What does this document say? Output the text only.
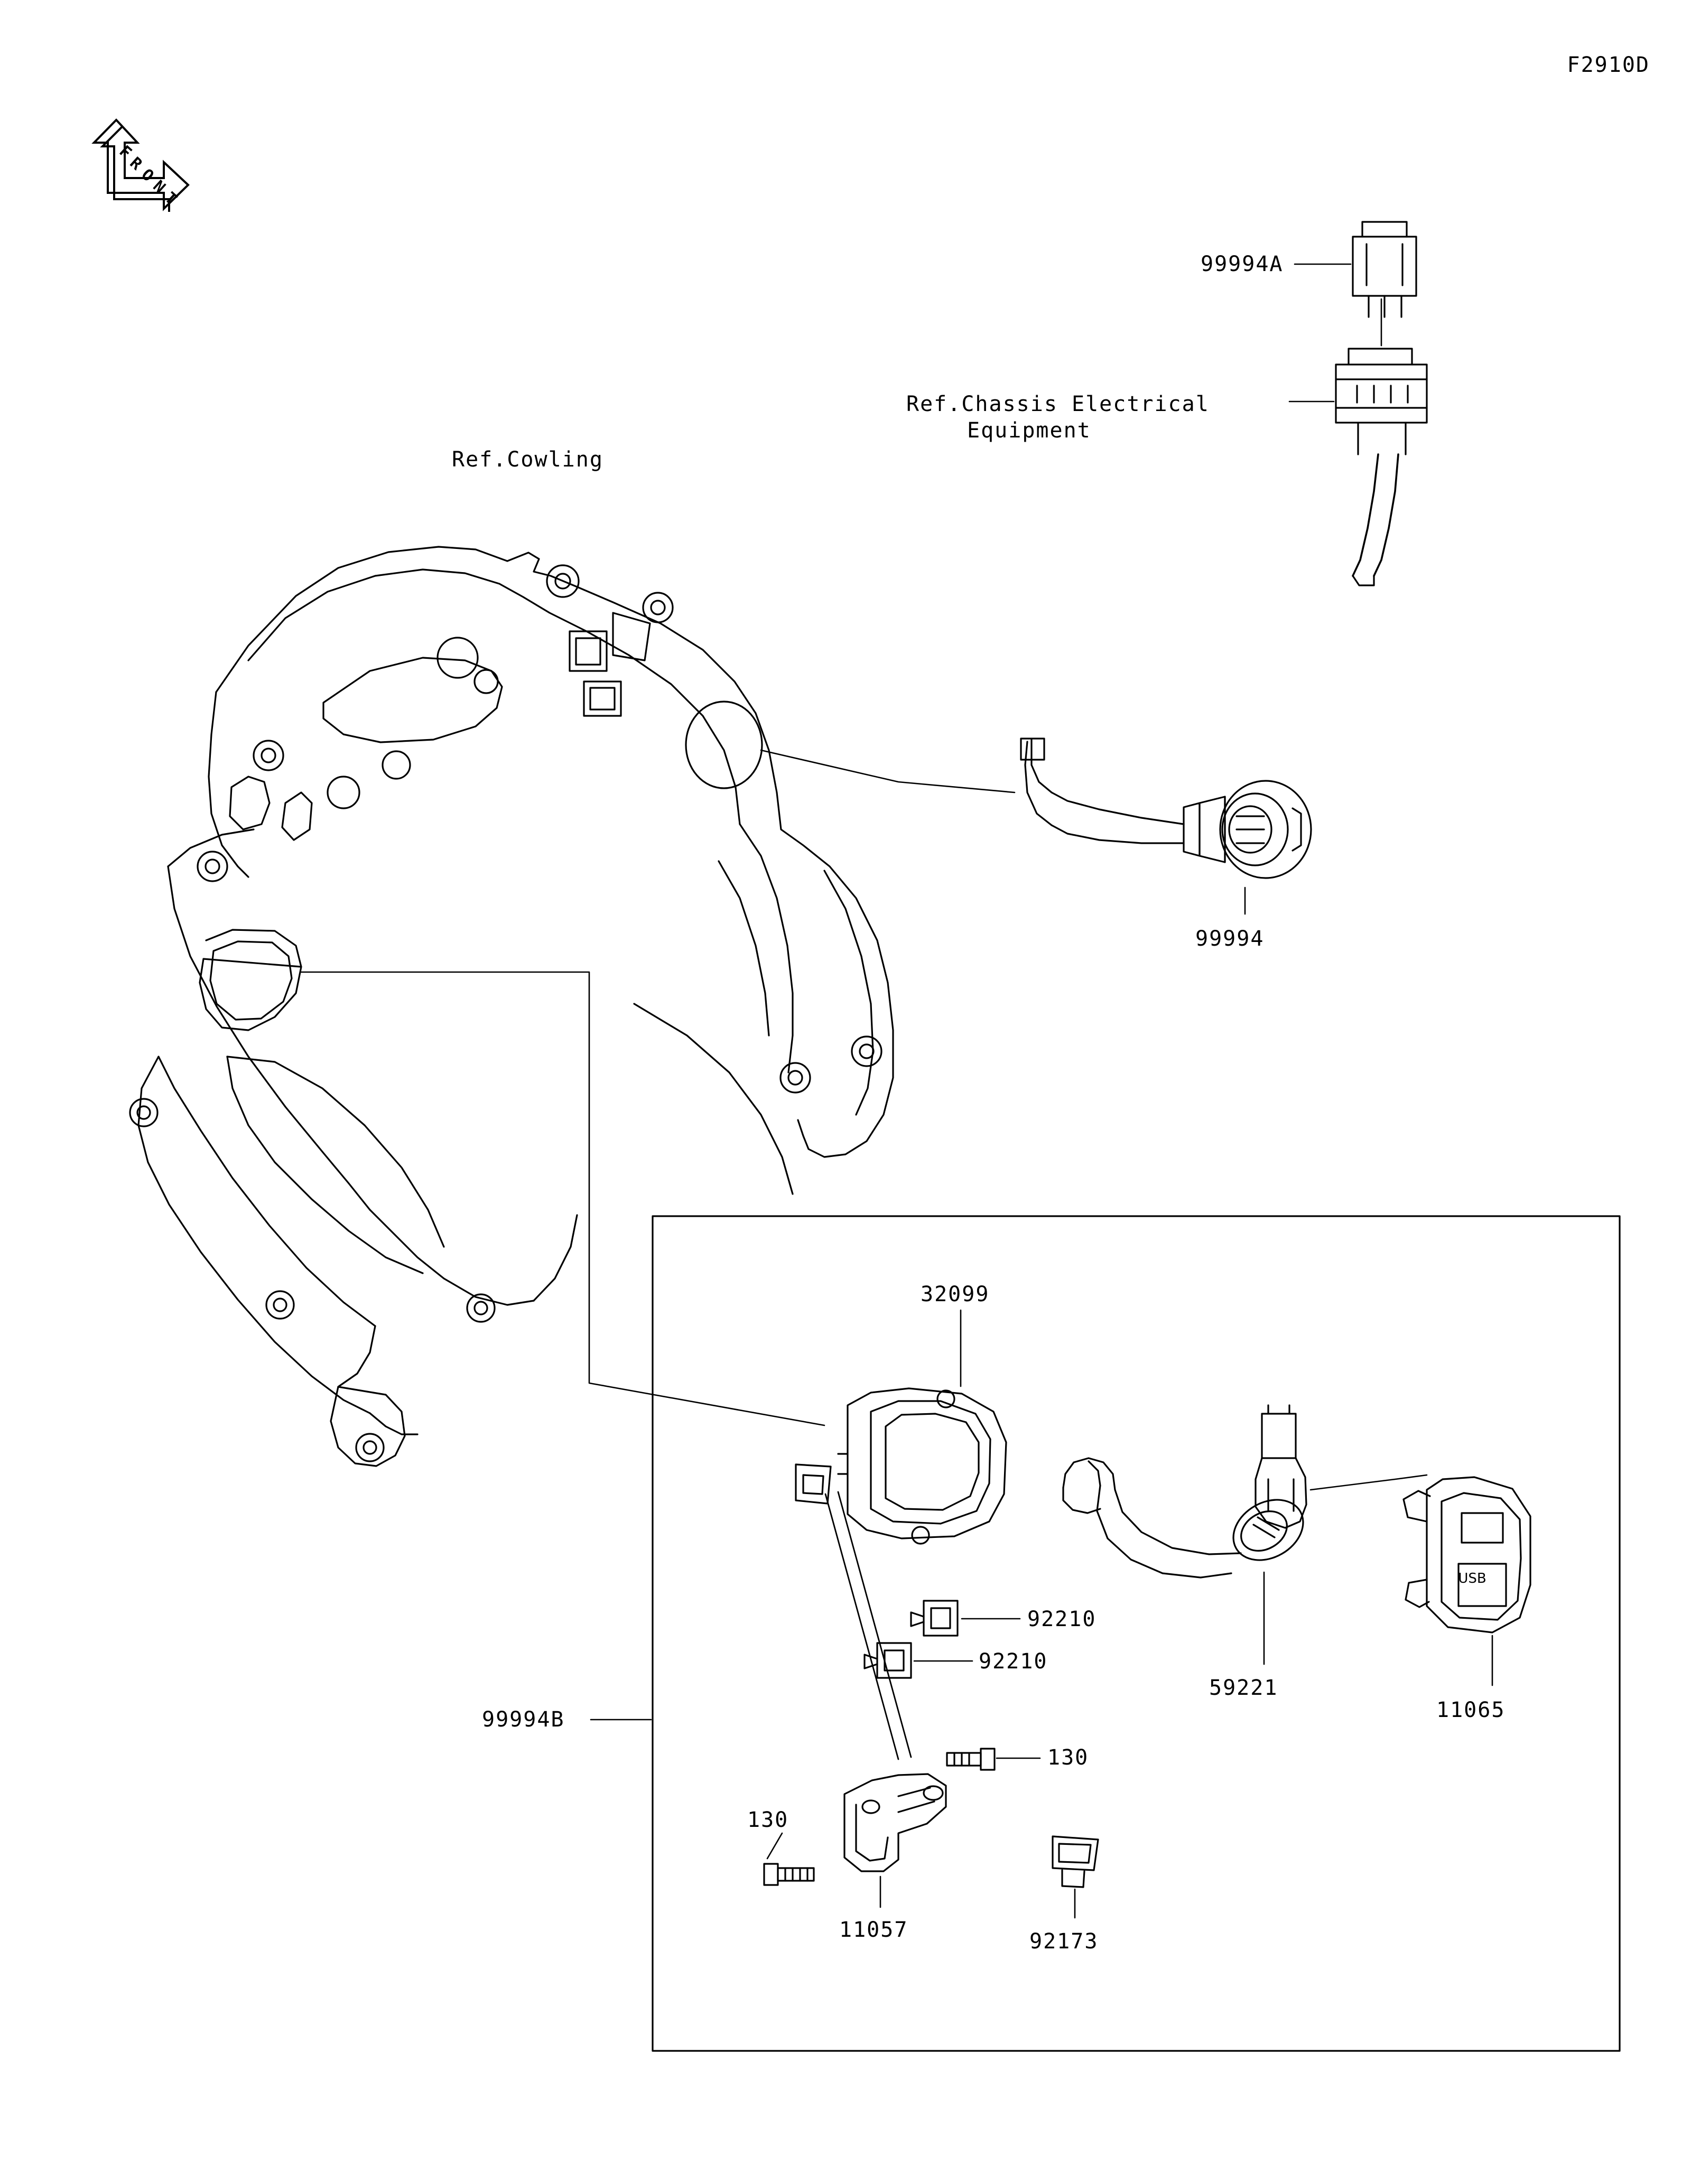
F2910D
F
R
O
N
T
USB
Ref.Cowling
Ref.Chassis Electrical
Equipment
99994A
99994
99994B
32099
92210
92210
59221
11065
130
130
11057	92173
